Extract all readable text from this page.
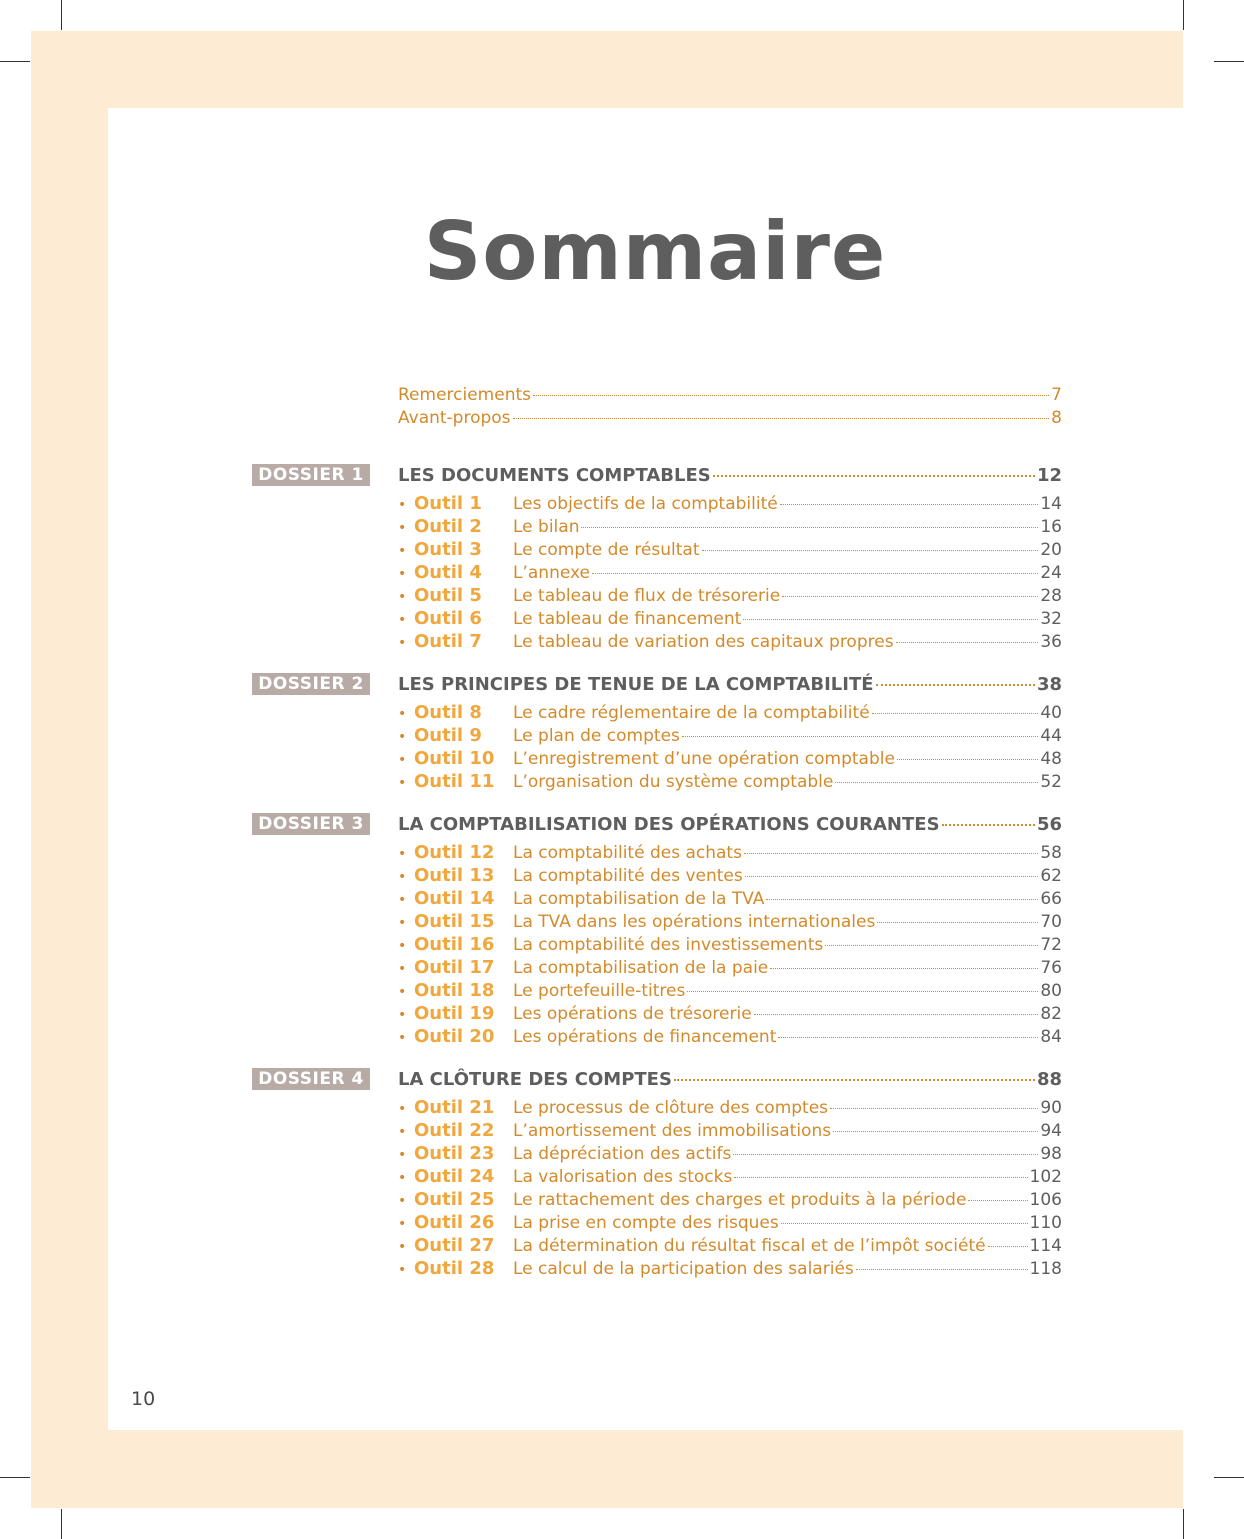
Sommaire
Remerciements	7
Avant-propos	8
DOSSIER 1	LES DOCUMENTS COMPTABLES	12
• Outil 1	Les objectifs de la comptabilité	14
• Outil 2	Le bilan	16
• Outil 3	Le compte de résultat	20
• Outil 4	L’annexe	24
• Outil 5	Le tableau de flux de trésorerie	28
• Outil 6	Le tableau de financement	32
• Outil 7	Le tableau de variation des capitaux propres	36
DOSSIER 2	LES PRINCIPES DE TENUE DE LA COMPTABILITÉ	38
• Outil 8	Le cadre réglementaire de la comptabilité	40
• Outil 9	Le plan de comptes	44
• Outil 10	L’enregistrement d’une opération comptable	48
• Outil 11	L’organisation du système comptable	52
DOSSIER 3	LA COMPTABILISATION DES OPÉRATIONS COURANTES	56
• Outil 12	La comptabilité des achats	58
• Outil 13	La comptabilité des ventes	62
• Outil 14	La comptabilisation de la TVA	66
• Outil 15	La TVA dans les opérations internationales	70
• Outil 16	La comptabilité des investissements	72
• Outil 17	La comptabilisation de la paie	76
• Outil 18	Le portefeuille-titres	80
• Outil 19	Les opérations de trésorerie	82
• Outil 20	Les opérations de financement	84
DOSSIER 4	LA CLÔTURE DES COMPTES	88
• Outil 21	Le processus de clôture des comptes	90
• Outil 22	L’amortissement des immobilisations	94
• Outil 23	La dépréciation des actifs	98
• Outil 24	La valorisation des stocks	102
• Outil 25	Le rattachement des charges et produits à la période	106
• Outil 26	La prise en compte des risques	110
• Outil 27	La détermination du résultat fiscal et de l’impôt société	114
• Outil 28	Le calcul de la participation des salariés	118
10
